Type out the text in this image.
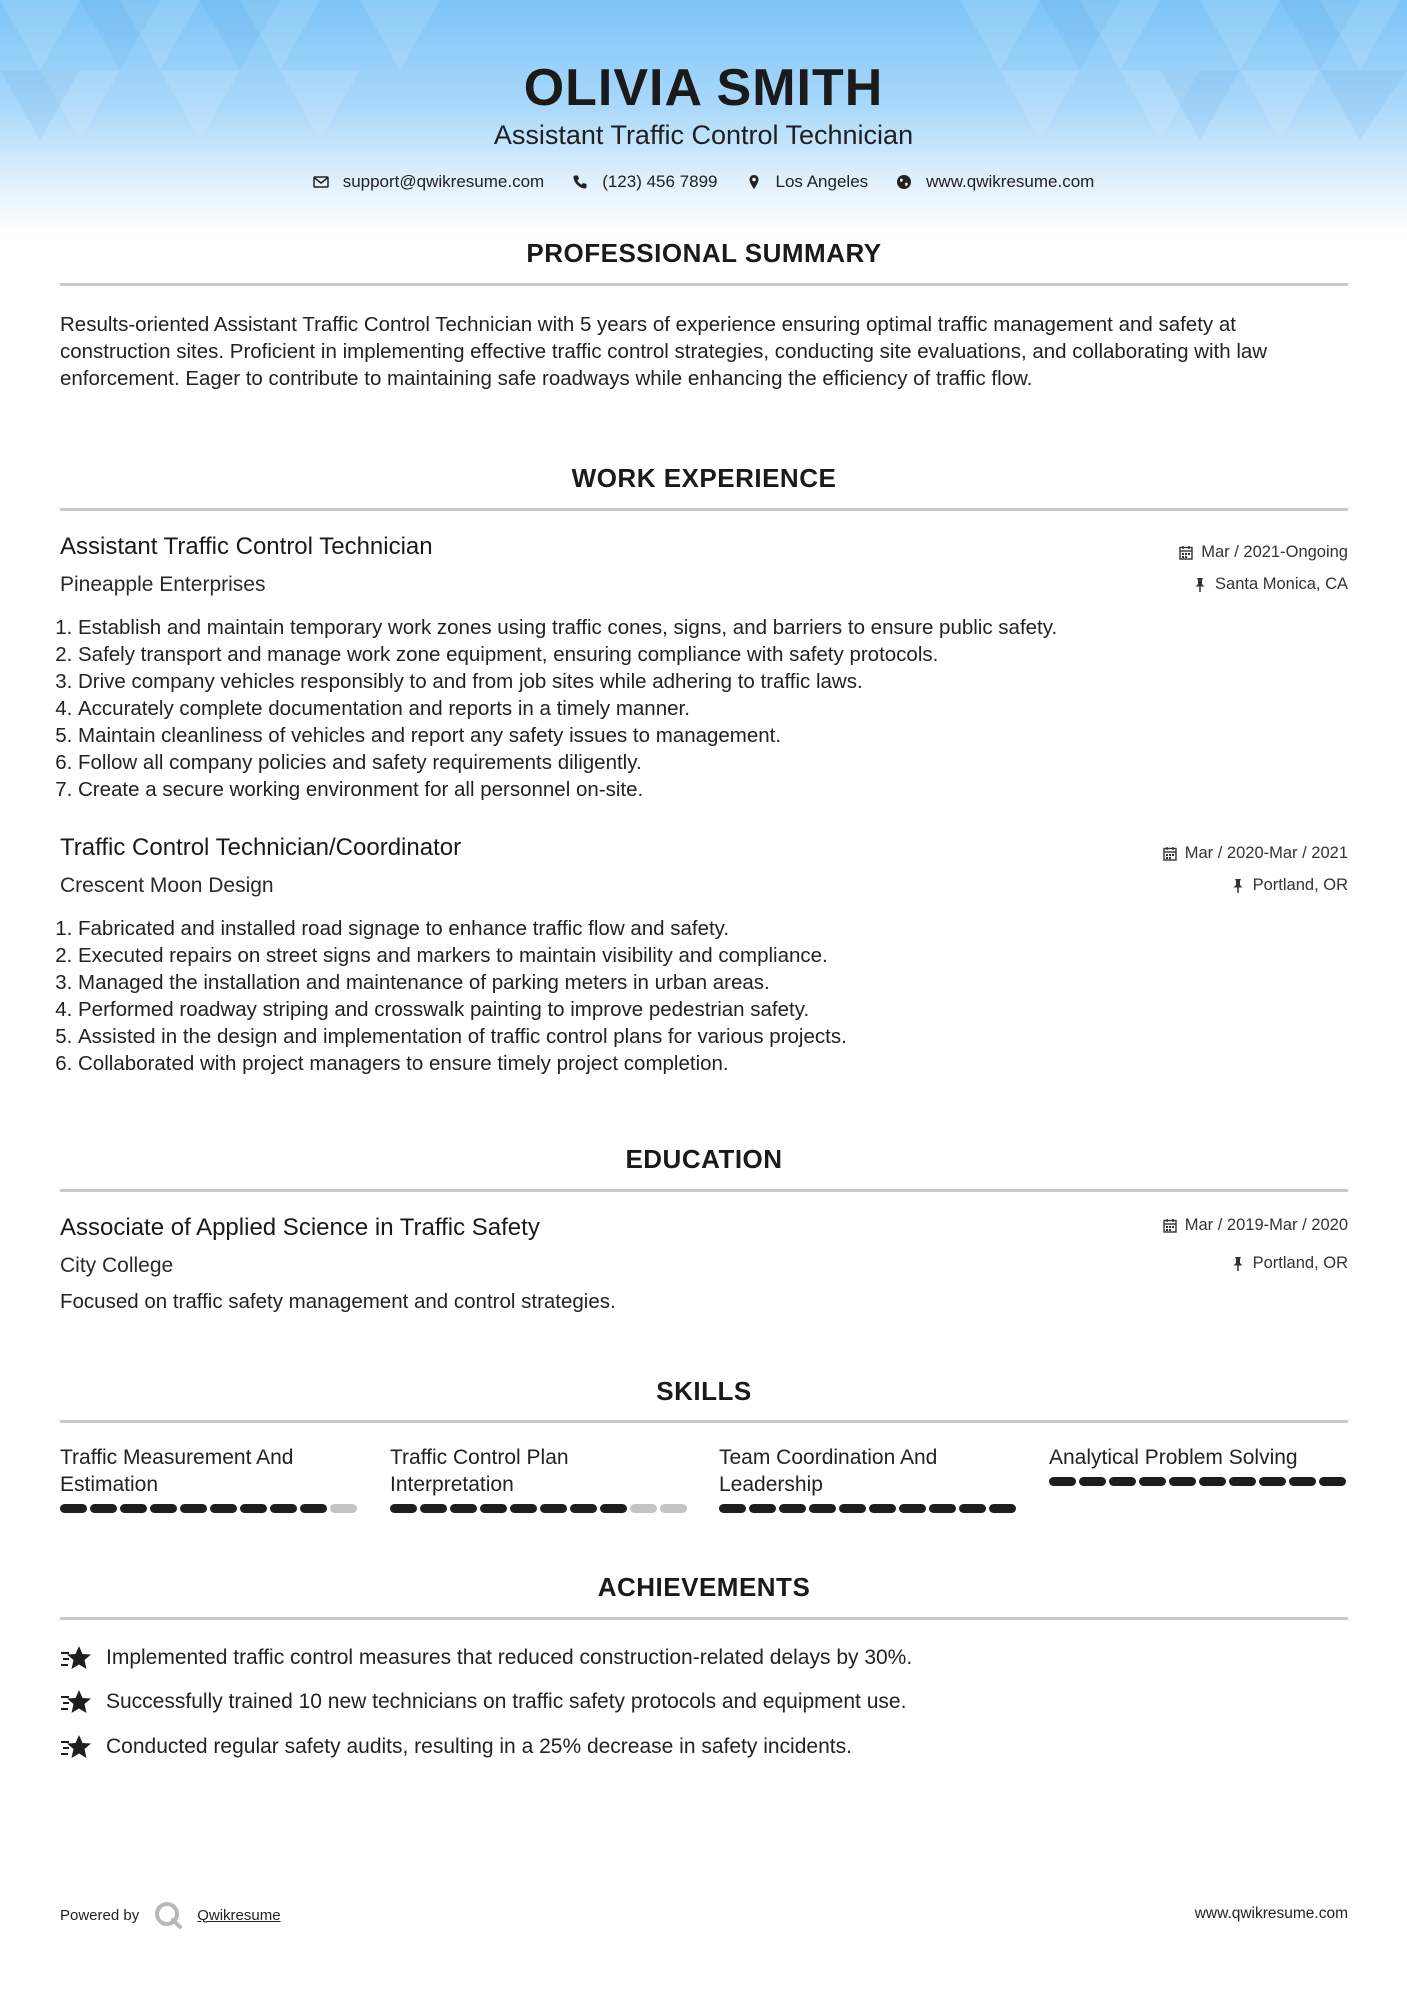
OLIVIA SMITH
Assistant Traffic Control Technician
support@qwikresume.com	(123) 456 7899	Los Angeles	www.qwikresume.com
PROFESSIONAL SUMMARY
Results-oriented Assistant Traffic Control Technician with 5 years of experience ensuring optimal traffic management and safety at construction sites. Proficient in implementing effective traffic control strategies, conducting site evaluations, and collaborating with law enforcement. Eager to contribute to maintaining safe roadways while enhancing the efficiency of traffic flow.
WORK EXPERIENCE
Assistant Traffic Control Technician	Mar / 2021-Ongoing
Pineapple Enterprises	Santa Monica, CA
1. Establish and maintain temporary work zones using traffic cones, signs, and barriers to ensure public safety.
2. Safely transport and manage work zone equipment, ensuring compliance with safety protocols.
3. Drive company vehicles responsibly to and from job sites while adhering to traffic laws.
4. Accurately complete documentation and reports in a timely manner.
5. Maintain cleanliness of vehicles and report any safety issues to management.
6. Follow all company policies and safety requirements diligently.
7. Create a secure working environment for all personnel on-site.
Traffic Control Technician/Coordinator	Mar / 2020-Mar / 2021
Crescent Moon Design	Portland, OR
1. Fabricated and installed road signage to enhance traffic flow and safety.
2. Executed repairs on street signs and markers to maintain visibility and compliance.
3. Managed the installation and maintenance of parking meters in urban areas.
4. Performed roadway striping and crosswalk painting to improve pedestrian safety.
5. Assisted in the design and implementation of traffic control plans for various projects.
6. Collaborated with project managers to ensure timely project completion.
EDUCATION
Associate of Applied Science in Traffic Safety	Mar / 2019-Mar / 2020
City College	Portland, OR
Focused on traffic safety management and control strategies.
SKILLS
Traffic Measurement And Estimation
Traffic Control Plan Interpretation
Team Coordination And Leadership
Analytical Problem Solving
ACHIEVEMENTS
Implemented traffic control measures that reduced construction-related delays by 30%.
Successfully trained 10 new technicians on traffic safety protocols and equipment use.
Conducted regular safety audits, resulting in a 25% decrease in safety incidents.
Powered by	Qwikresume	www.qwikresume.com
